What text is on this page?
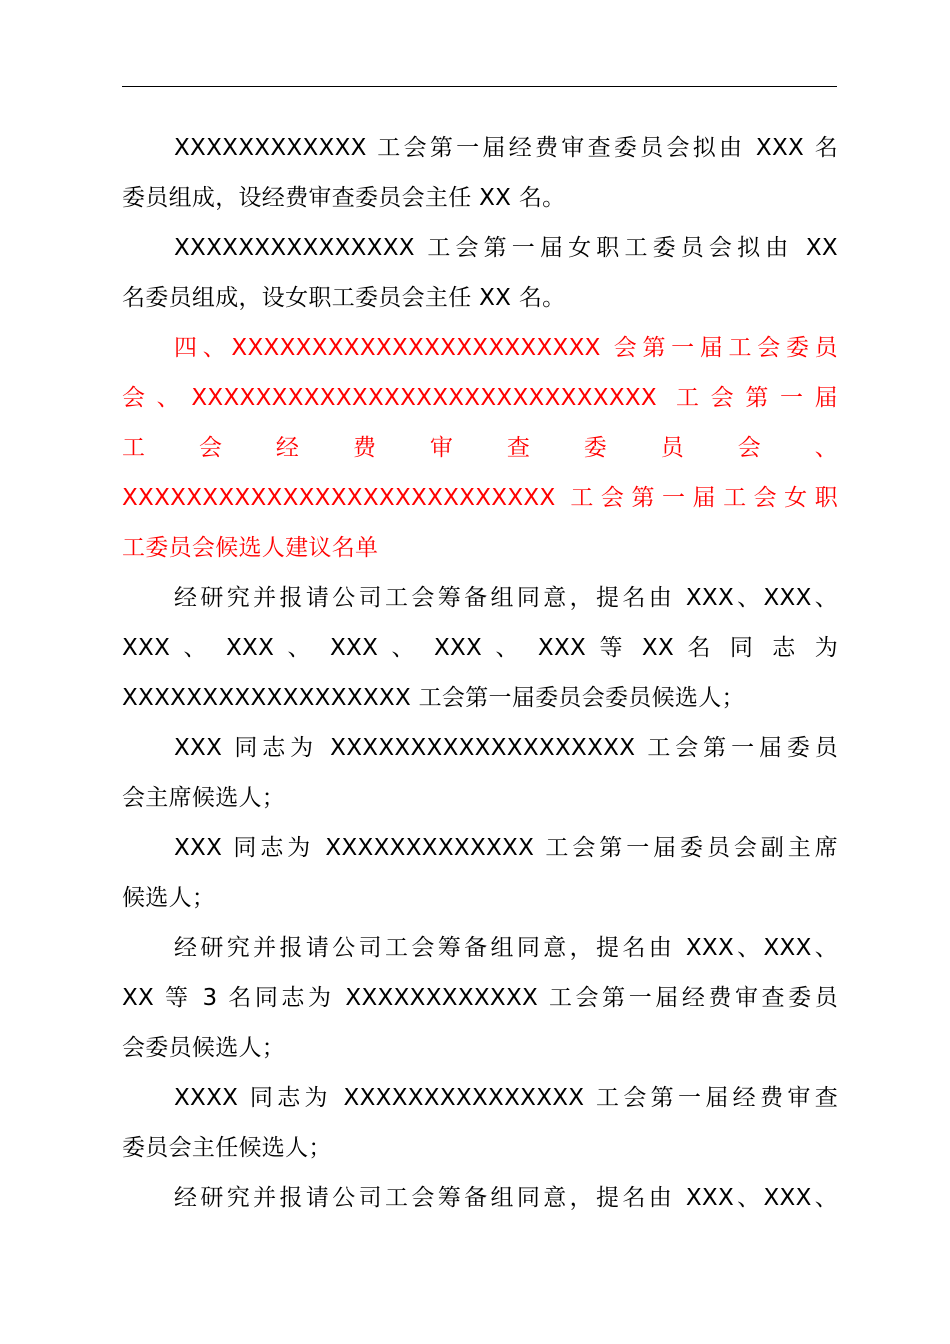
XXXXXXXXXXXX 工会第一届经费审查委员会拟由 XXX 名
委员组成，设经费审查委员会主任 XX 名。
XXXXXXXXXXXXXXX 工会第一届女职工委员会拟由 XX
名委员组成，设女职工委员会主任 XX 名。
四、XXXXXXXXXXXXXXXXXXXXXXX 会第一届工会委员
会、XXXXXXXXXXXXXXXXXXXXXXXXXXXXX 工会第一届
工 会 经 费 审 查 委 员 会 、
XXXXXXXXXXXXXXXXXXXXXXXXXXX 工会第一届工会女职
工委员会候选人建议名单
经研究并报请公司工会筹备组同意，提名由 XXX、XXX、
XXX 、 XXX 、 XXX 、 XXX 、 XXX 等 XX 名 同 志 为
XXXXXXXXXXXXXXXXXX 工会第一届委员会委员候选人；
XXX 同志为 XXXXXXXXXXXXXXXXXXX 工会第一届委员
会主席候选人；
XXX 同志为 XXXXXXXXXXXXX 工会第一届委员会副主席
候选人；
经研究并报请公司工会筹备组同意，提名由 XXX、XXX、
XX 等 3 名同志为 XXXXXXXXXXXX 工会第一届经费审查委员
会委员候选人；
XXXX 同志为 XXXXXXXXXXXXXXX 工会第一届经费审查
委员会主任候选人；
经研究并报请公司工会筹备组同意，提名由 XXX、XXX、
